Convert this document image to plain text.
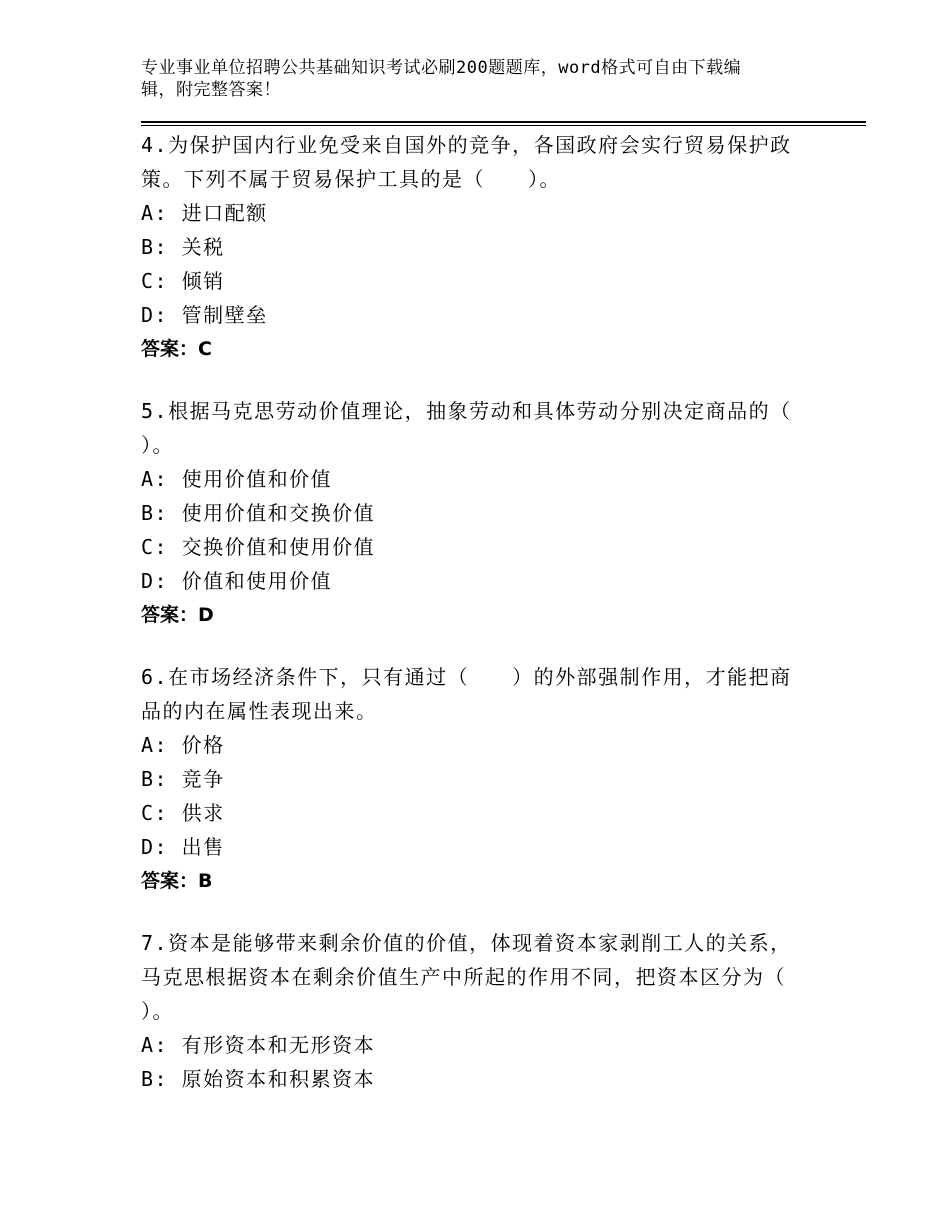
专业事业单位招聘公共基础知识考试必刷200题题库，word格式可自由下载编
辑，附完整答案！

4.为保护国内行业免受来自国外的竞争，各国政府会实行贸易保护政

策。下列不属于贸易保护工具的是（　　）。

A: 进口配额

B: 关税

C: 倾销

D: 管制壁垒

答案：C

5.根据马克思劳动价值理论，抽象劳动和具体劳动分别决定商品的（

）。

A: 使用价值和价值

B: 使用价值和交换价值

C: 交换价值和使用价值

D: 价值和使用价值

答案：D

6.在市场经济条件下，只有通过（　　）的外部强制作用，才能把商

品的内在属性表现出来。

A: 价格

B: 竞争

C: 供求

D: 出售

答案：B

7.资本是能够带来剩余价值的价值，体现着资本家剥削工人的关系，

马克思根据资本在剩余价值生产中所起的作用不同，把资本区分为（

）。

A: 有形资本和无形资本

B: 原始资本和积累资本
